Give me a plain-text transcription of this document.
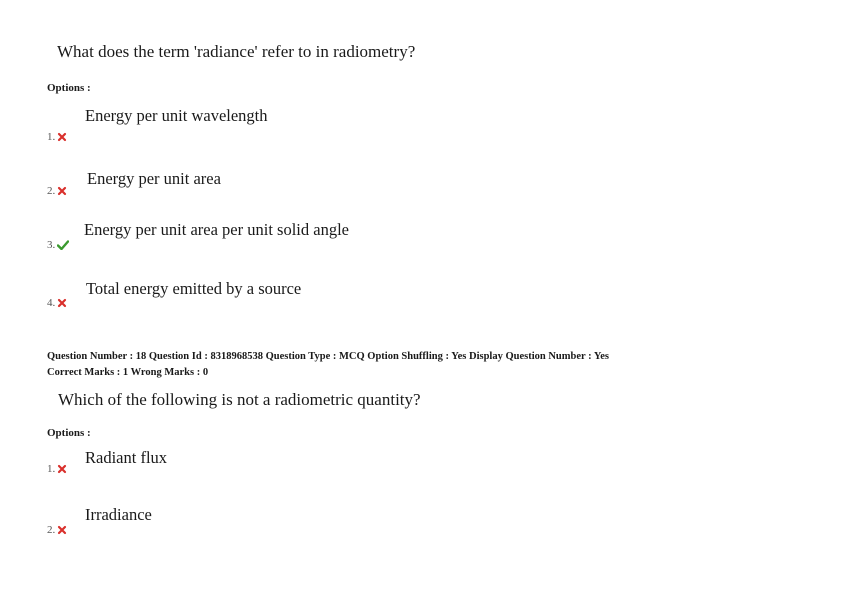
What does the term 'radiance' refer to in radiometry?
Options :
Energy per unit wavelength
1.
Energy per unit area
2.
Energy per unit area per unit solid angle
3.
Total energy emitted by a source
4.
Question Number : 18 Question Id : 8318968538 Question Type : MCQ Option Shuffling : Yes Display Question Number : Yes
Correct Marks : 1 Wrong Marks : 0
Which of the following is not a radiometric quantity?
Options :
Radiant flux
1.
Irradiance
2.
